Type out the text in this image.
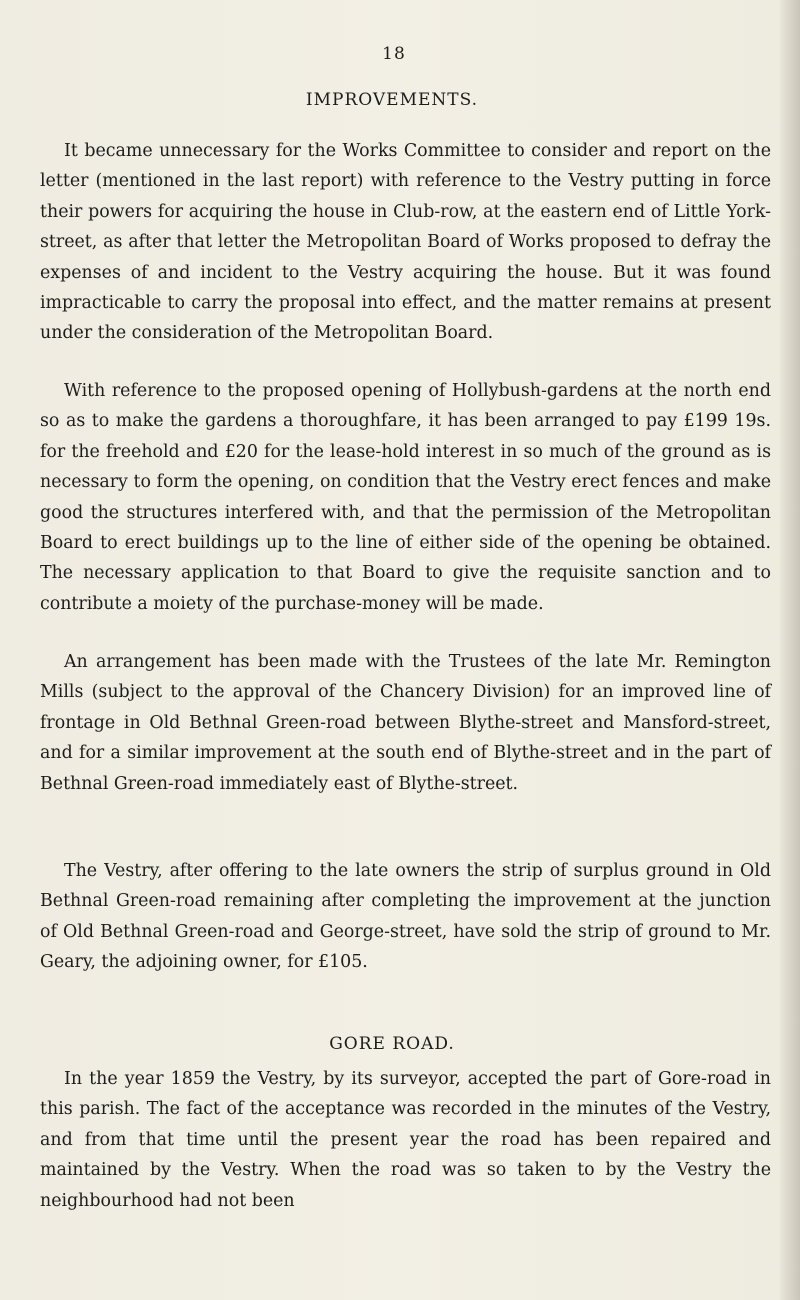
18
IMPROVEMENTS.

It became unnecessary for the Works Committee to consider and report on the letter (mentioned in the last report) with reference to the Vestry putting in force their powers for acquiring the house in Club-row, at the eastern end of Little York-street, as after that letter the Metropolitan Board of Works proposed to defray the expenses of and incident to the Vestry acquiring the house. But it was found impracticable to carry the proposal into effect, and the matter remains at present under the consideration of the Metropolitan Board.

With reference to the proposed opening of Hollybush-gardens at the north end so as to make the gardens a thoroughfare, it has been arranged to pay £199 19s. for the freehold and £20 for the lease-hold interest in so much of the ground as is necessary to form the opening, on condition that the Vestry erect fences and make good the structures interfered with, and that the permission of the Metropolitan Board to erect buildings up to the line of either side of the opening be obtained. The necessary application to that Board to give the requisite sanction and to contribute a moiety of the purchase-money will be made.

An arrangement has been made with the Trustees of the late Mr. Remington Mills (subject to the approval of the Chancery Division) for an improved line of frontage in Old Bethnal Green-road between Blythe-street and Mansford-street, and for a similar improvement at the south end of Blythe-street and in the part of Bethnal Green-road immediately east of Blythe-street.

The Vestry, after offering to the late owners the strip of surplus ground in Old Bethnal Green-road remaining after completing the improvement at the junction of Old Bethnal Green-road and George-street, have sold the strip of ground to Mr. Geary, the adjoining owner, for £105.

GORE ROAD.

In the year 1859 the Vestry, by its surveyor, accepted the part of Gore-road in this parish. The fact of the acceptance was recorded in the minutes of the Vestry, and from that time until the present year the road has been repaired and maintained by the Vestry. When the road was so taken to by the Vestry the neighbourhood had not been
